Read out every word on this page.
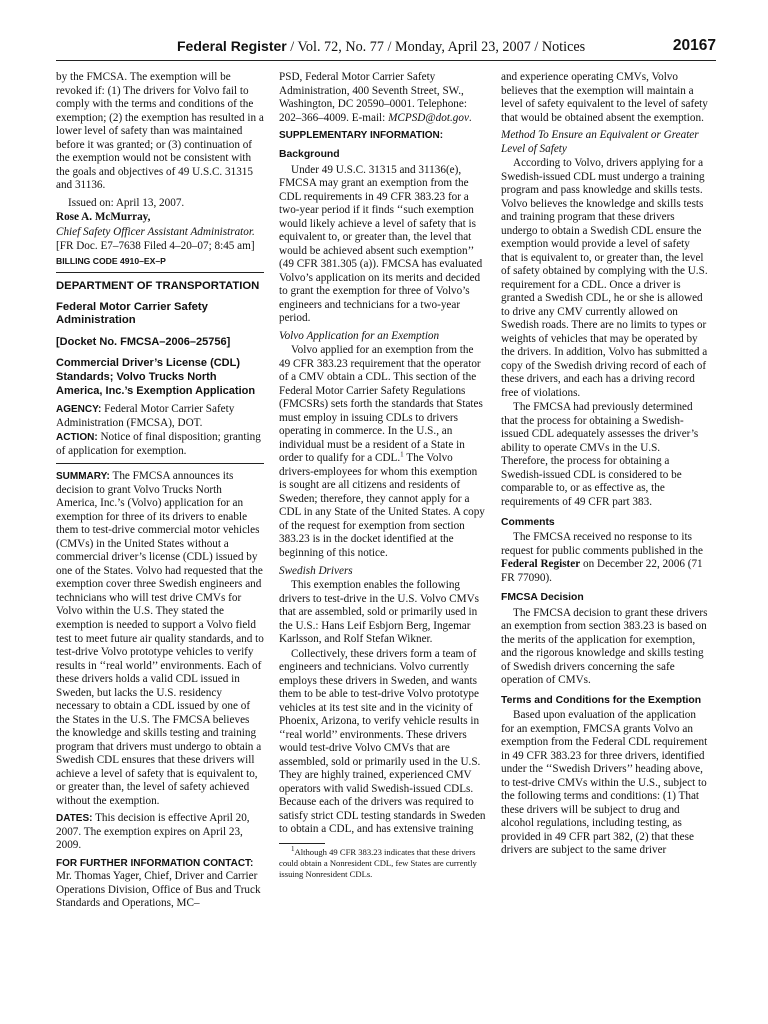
Federal Register / Vol. 72, No. 77 / Monday, April 23, 2007 / Notices	20167

by the FMCSA. The exemption will be revoked if: (1) The drivers for Volvo fail to comply with the terms and conditions of the exemption; (2) the exemption has resulted in a lower level of safety than was maintained before it was granted; or (3) continuation of the exemption would not be consistent with the goals and objectives of 49 U.S.C. 31315 and 31136.

Issued on: April 13, 2007.

Rose A. McMurray,

Chief Safety Officer Assistant Administrator.

[FR Doc. E7–7638 Filed 4–20–07; 8:45 am]

BILLING CODE 4910–EX–P

DEPARTMENT OF TRANSPORTATION

Federal Motor Carrier Safety Administration

[Docket No. FMCSA–2006–25756]

Commercial Driver’s License (CDL) Standards; Volvo Trucks North America, Inc.’s Exemption Application

AGENCY: Federal Motor Carrier Safety Administration (FMCSA), DOT.

ACTION: Notice of final disposition; granting of application for exemption.

SUMMARY: The FMCSA announces its decision to grant Volvo Trucks North America, Inc.’s (Volvo) application for an exemption for three of its drivers to enable them to test-drive commercial motor vehicles (CMVs) in the United States without a commercial driver’s license (CDL) issued by one of the States. Volvo had requested that the exemption cover three Swedish engineers and technicians who will test drive CMVs for Volvo within the U.S. They stated the exemption is needed to support a Volvo field test to meet future air quality standards, and to test-drive Volvo prototype vehicles to verify results in ‘‘real world’’ environments. Each of these drivers holds a valid CDL issued in Sweden, but lacks the U.S. residency necessary to obtain a CDL issued by one of the States in the U.S. The FMCSA believes the knowledge and skills testing and training program that drivers must undergo to obtain a Swedish CDL ensures that these drivers will achieve a level of safety that is equivalent to, or greater than, the level of safety achieved without the exemption.

DATES: This decision is effective April 20, 2007. The exemption expires on April 23, 2009.

FOR FURTHER INFORMATION CONTACT: Mr. Thomas Yager, Chief, Driver and Carrier Operations Division, Office of Bus and Truck Standards and Operations, MC–

PSD, Federal Motor Carrier Safety Administration, 400 Seventh Street, SW., Washington, DC 20590–0001. Telephone: 202–366–4009. E-mail: MCPSD@dot.gov.

SUPPLEMENTARY INFORMATION:

Background

Under 49 U.S.C. 31315 and 31136(e), FMCSA may grant an exemption from the CDL requirements in 49 CFR 383.23 for a two-year period if it finds ‘‘such exemption would likely achieve a level of safety that is equivalent to, or greater than, the level that would be achieved absent such exemption’’ (49 CFR 381.305 (a)). FMCSA has evaluated Volvo’s application on its merits and decided to grant the exemption for three of Volvo’s engineers and technicians for a two-year period.

Volvo Application for an Exemption

Volvo applied for an exemption from the 49 CFR 383.23 requirement that the operator of a CMV obtain a CDL. This section of the Federal Motor Carrier Safety Regulations (FMCSRs) sets forth the standards that States must employ in issuing CDLs to drivers operating in commerce. In the U.S., an individual must be a resident of a State in order to qualify for a CDL.$^1$ The Volvo drivers-employees for whom this exemption is sought are all citizens and residents of Sweden; therefore, they cannot apply for a CDL in any State of the United States. A copy of the request for exemption from section 383.23 is in the docket identified at the beginning of this notice.

Swedish Drivers

This exemption enables the following drivers to test-drive in the U.S. Volvo CMVs that are assembled, sold or primarily used in the U.S.: Hans Leif Esbjorn Berg, Ingemar Karlsson, and Rolf Stefan Wikner.

Collectively, these drivers form a team of engineers and technicians. Volvo currently employs these drivers in Sweden, and wants them to be able to test-drive Volvo prototype vehicles at its test site and in the vicinity of Phoenix, Arizona, to verify vehicle results in ‘‘real world’’ environments. These drivers would test-drive Volvo CMVs that are assembled, sold or primarily used in the U.S. They are highly trained, experienced CMV operators with valid Swedish-issued CDLs. Because each of the drivers was required to satisfy strict CDL testing standards in Sweden to obtain a CDL, and has extensive training

$^1$Although 49 CFR 383.23 indicates that these drivers could obtain a Nonresident CDL, few States are currently issuing Nonresident CDLs.

and experience operating CMVs, Volvo believes that the exemption will maintain a level of safety equivalent to the level of safety that would be obtained absent the exemption.

Method To Ensure an Equivalent or Greater Level of Safety

According to Volvo, drivers applying for a Swedish-issued CDL must undergo a training program and pass knowledge and skills tests. Volvo believes the knowledge and skills tests and training program that these drivers undergo to obtain a Swedish CDL ensure the exemption would provide a level of safety that is equivalent to, or greater than, the level of safety obtained by complying with the U.S. requirement for a CDL. Once a driver is granted a Swedish CDL, he or she is allowed to drive any CMV currently allowed on Swedish roads. There are no limits to types or weights of vehicles that may be operated by the drivers. In addition, Volvo has submitted a copy of the Swedish driving record of each of these drivers, and each has a driving record free of violations.

The FMCSA had previously determined that the process for obtaining a Swedish-issued CDL adequately assesses the driver’s ability to operate CMVs in the U.S. Therefore, the process for obtaining a Swedish-issued CDL is considered to be comparable to, or as effective as, the requirements of 49 CFR part 383.

Comments

The FMCSA received no response to its request for public comments published in the Federal Register on December 22, 2006 (71 FR 77090).

FMCSA Decision

The FMCSA decision to grant these drivers an exemption from section 383.23 is based on the merits of the application for exemption, and the rigorous knowledge and skills testing of Swedish drivers concerning the safe operation of CMVs.

Terms and Conditions for the Exemption

Based upon evaluation of the application for an exemption, FMCSA grants Volvo an exemption from the Federal CDL requirement in 49 CFR 383.23 for three drivers, identified under the ‘‘Swedish Drivers’’ heading above, to test-drive CMVs within the U.S., subject to the following terms and conditions: (1) That these drivers will be subject to drug and alcohol regulations, including testing, as provided in 49 CFR part 382, (2) that these drivers are subject to the same driver
